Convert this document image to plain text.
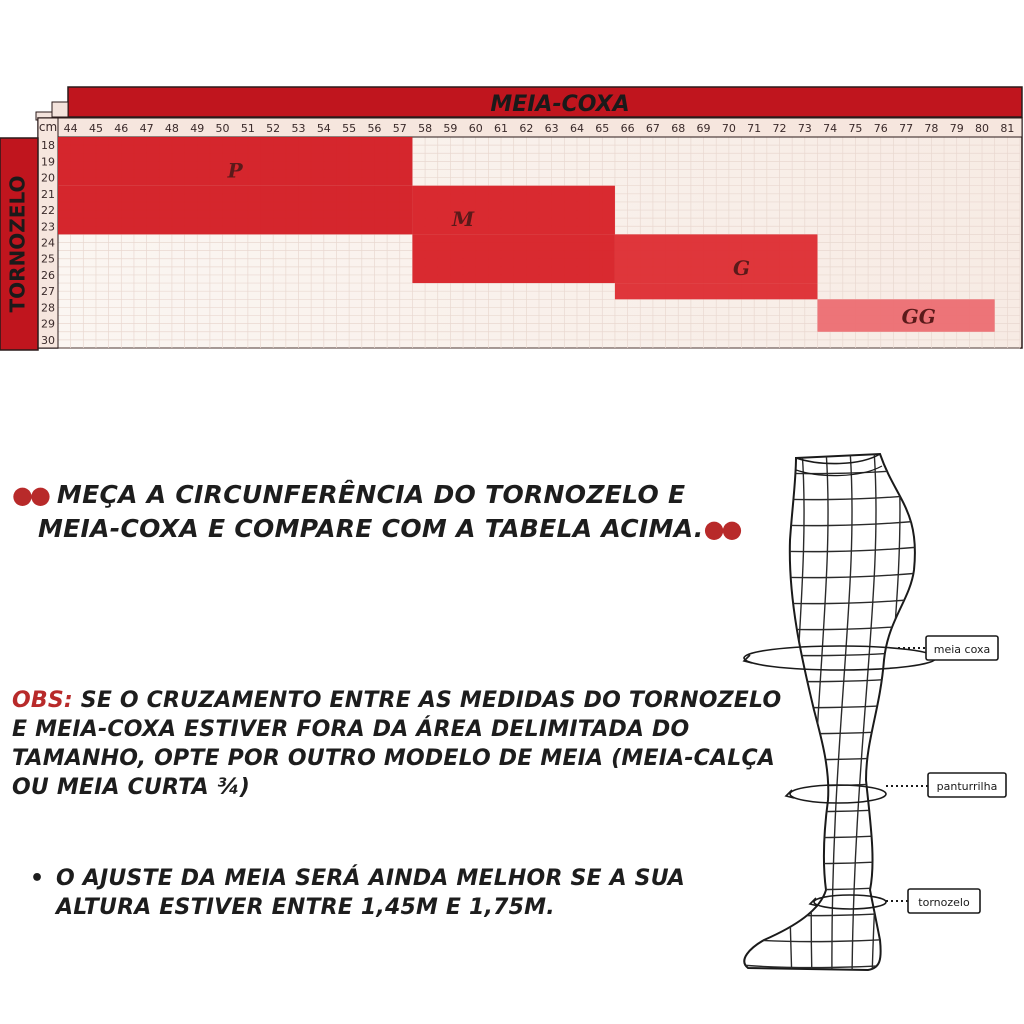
MEIA-COXA
44 45 46 47 48 49 50 51 52 53 54 55 56 57 58 59 60 61 62 63 64 65 66 67 68 69 70 71 72 73 74 75 76 77 78 79 80 81
18
19
20
21
22
23
24
25
26
27
28
29
30
P
M
G
GG
cm
TORNOZELO
●● MEÇA A CIRCUNFERÊNCIA DO TORNOZELO E
MEIA-COXA E COMPARE COM A TABELA ACIMA.●●
OBS: SE O CRUZAMENTO ENTRE AS MEDIDAS DO TORNOZELO E MEIA-COXA ESTIVER FORA DA ÁREA DELIMITADA DO TAMANHO, OPTE POR OUTRO MODELO DE MEIA (MEIA-CALÇA OU MEIA CURTA ¾)
• O AJUSTE DA MEIA SERÁ AINDA MELHOR SE A SUA ALTURA ESTIVER ENTRE 1,45M E 1,75M.
meia coxa
panturrilha
tornozelo
